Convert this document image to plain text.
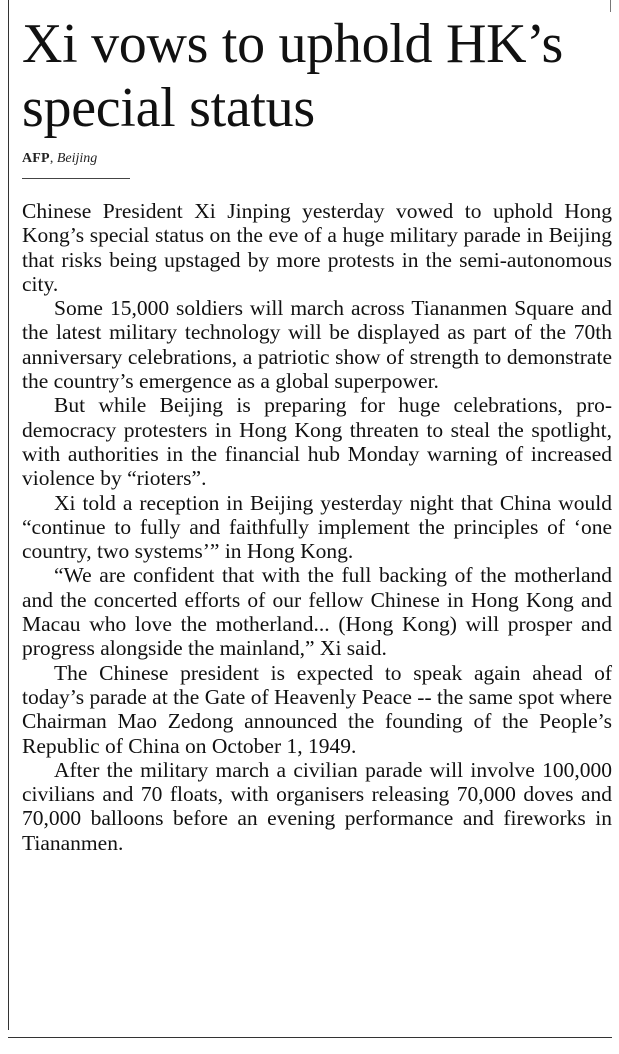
Xi vows to uphold HK’s special status
AFP, Beijing

Chinese President Xi Jinping yesterday vowed to uphold Hong Kong’s special status on the eve of a huge military parade in Beijing that risks being upstaged by more protests in the semi-autonomous city.

Some 15,000 soldiers will march across Tiananmen Square and the latest military technology will be displayed as part of the 70th anniversary celebrations, a patriotic show of strength to demonstrate the country’s emergence as a global superpower.

But while Beijing is preparing for huge celebrations, pro-democracy protesters in Hong Kong threaten to steal the spotlight, with authorities in the financial hub Monday warning of increased violence by “rioters”.

Xi told a reception in Beijing yesterday night that China would “continue to fully and faithfully implement the principles of ‘one country, two systems’” in Hong Kong.

“We are confident that with the full backing of the motherland and the concerted efforts of our fellow Chinese in Hong Kong and Macau who love the motherland... (Hong Kong) will prosper and progress alongside the mainland,” Xi said.

The Chinese president is expected to speak again ahead of today’s parade at the Gate of Heavenly Peace -- the same spot where Chairman Mao Zedong announced the founding of the People’s Republic of China on October 1, 1949.

After the military march a civilian parade will involve 100,000 civilians and 70 floats, with organisers releasing 70,000 doves and 70,000 balloons before an evening performance and fireworks in Tiananmen.
